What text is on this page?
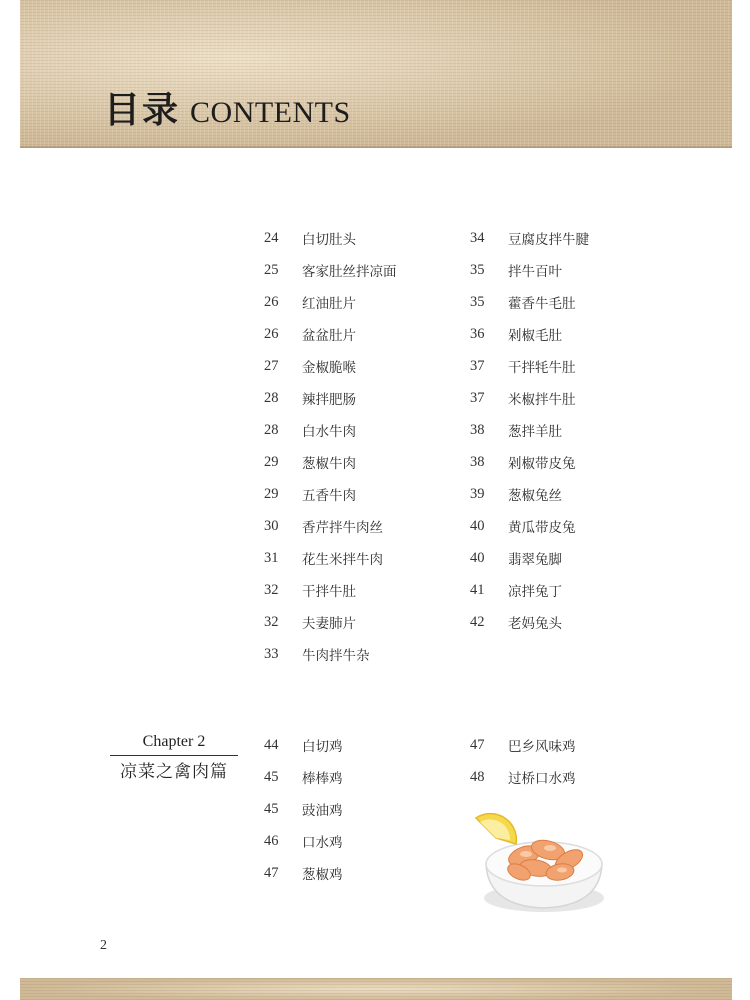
目录 CONTENTS
24	白切肚头
25	客家肚丝拌凉面
26	红油肚片
26	盆盆肚片
27	金椒脆喉
28	辣拌肥肠
28	白水牛肉
29	葱椒牛肉
29	五香牛肉
30	香芹拌牛肉丝
31	花生米拌牛肉
32	干拌牛肚
32	夫妻肺片
33	牛肉拌牛杂
34	豆腐皮拌牛腱
35	拌牛百叶
35	藿香牛毛肚
36	剁椒毛肚
37	干拌牦牛肚
37	米椒拌牛肚
38	葱拌羊肚
38	剁椒带皮兔
39	葱椒兔丝
40	黄瓜带皮兔
40	翡翠兔脚
41	凉拌兔丁
42	老妈兔头
Chapter 2
凉菜之禽肉篇
44	白切鸡
45	棒棒鸡
45	豉油鸡
46	口水鸡
47	葱椒鸡
47	巴乡风味鸡
48	过桥口水鸡
2
